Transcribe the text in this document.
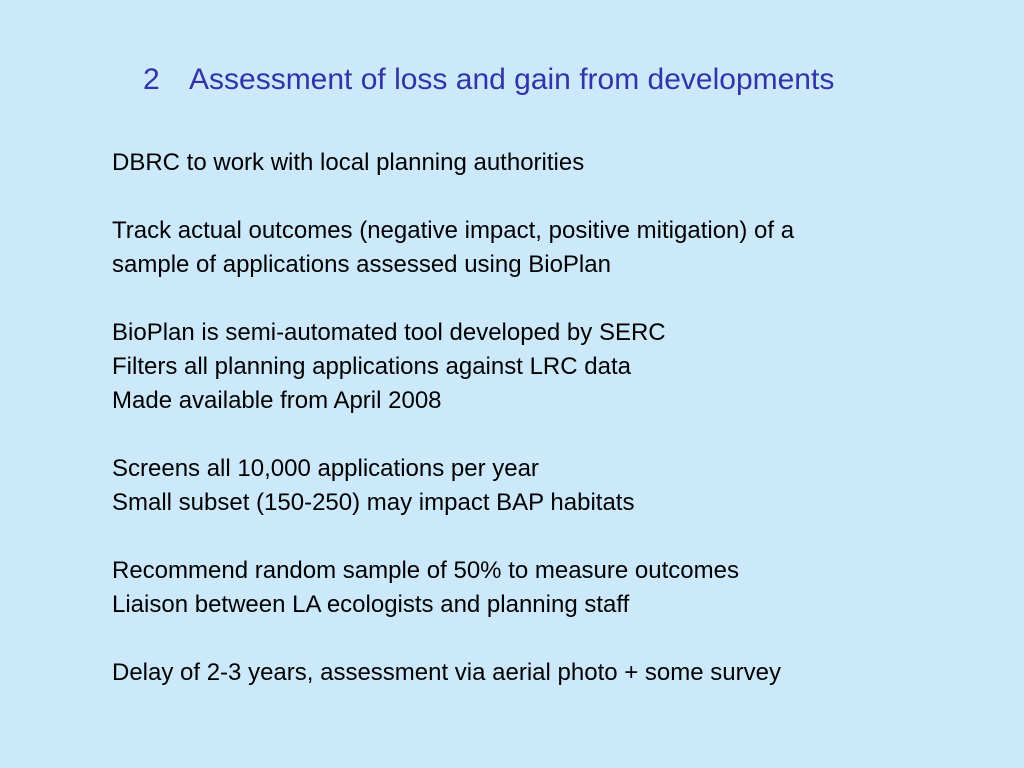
2 Assessment of loss and gain from developments
DBRC to work with local planning authorities
Track actual outcomes (negative impact, positive mitigation) of a
sample of applications assessed using BioPlan
BioPlan is semi-automated tool developed by SERC
Filters all planning applications against LRC data
Made available from April 2008
Screens all 10,000 applications per year
Small subset (150-250) may impact BAP habitats
Recommend random sample of 50% to measure outcomes
Liaison between LA ecologists and planning staff
Delay of 2-3 years, assessment via aerial photo + some survey
